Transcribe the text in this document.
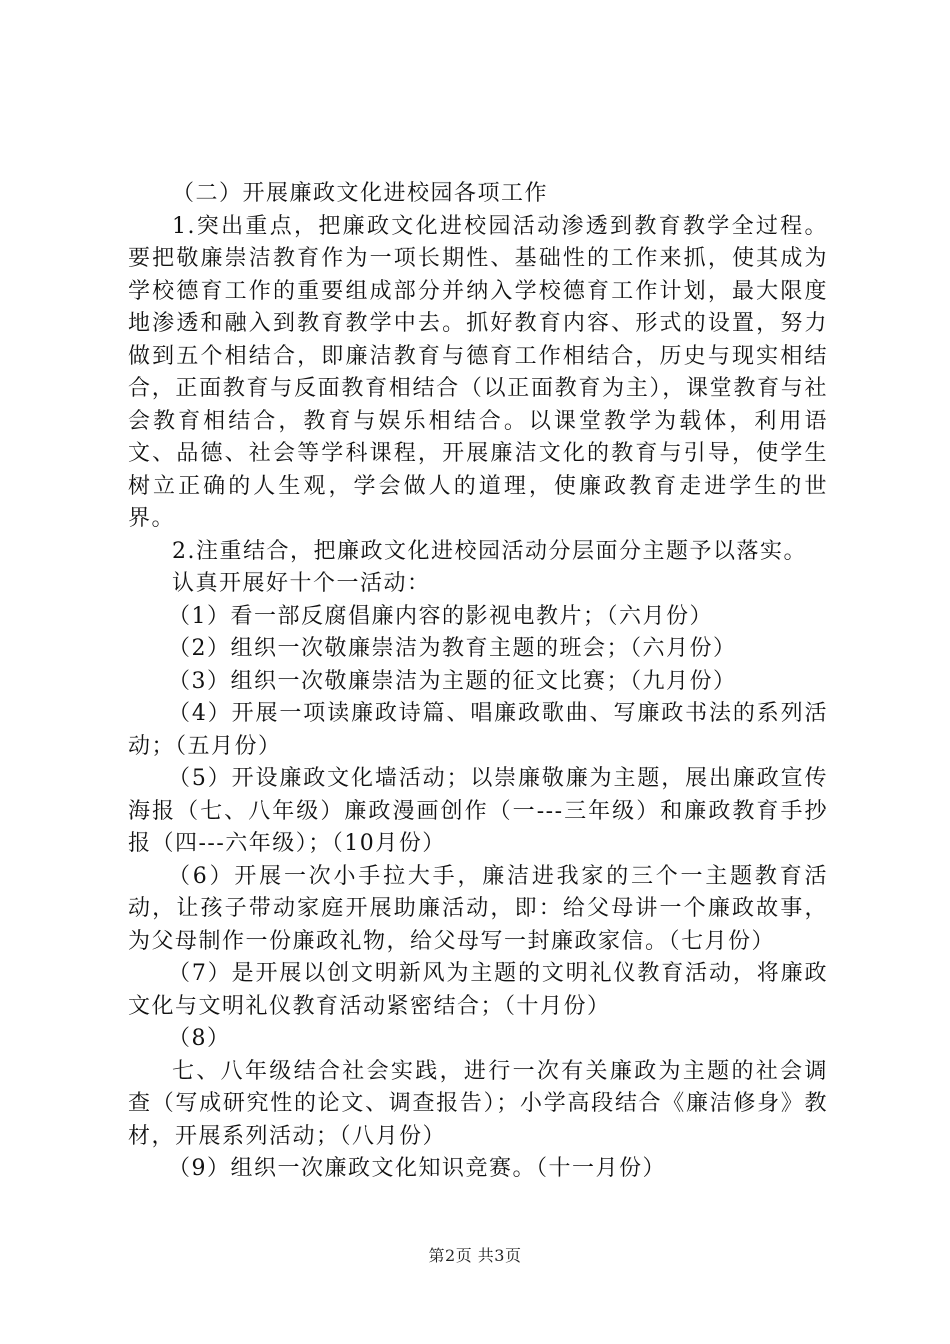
（二）开展廉政文化进校园各项工作

1.突出重点，把廉政文化进校园活动渗透到教育教学全过程。要把敬廉崇洁教育作为一项长期性、基础性的工作来抓，使其成为学校德育工作的重要组成部分并纳入学校德育工作计划，最大限度地渗透和融入到教育教学中去。抓好教育内容、形式的设置，努力做到五个相结合，即廉洁教育与德育工作相结合，历史与现实相结合，正面教育与反面教育相结合（以正面教育为主），课堂教育与社会教育相结合，教育与娱乐相结合。以课堂教学为载体，利用语文、品德、社会等学科课程，开展廉洁文化的教育与引导，使学生树立正确的人生观，学会做人的道理，使廉政教育走进学生的世界。

2.注重结合，把廉政文化进校园活动分层面分主题予以落实。

认真开展好十个一活动：

（1）看一部反腐倡廉内容的影视电教片；（六月份）

（2）组织一次敬廉崇洁为教育主题的班会；（六月份）

（3）组织一次敬廉崇洁为主题的征文比赛；（九月份）

（4）开展一项读廉政诗篇、唱廉政歌曲、写廉政书法的系列活动；（五月份）

（5）开设廉政文化墙活动；以崇廉敬廉为主题，展出廉政宣传海报（七、八年级）廉政漫画创作（一---三年级）和廉政教育手抄报（四---六年级）；（10月份）

（6）开展一次小手拉大手，廉洁进我家的三个一主题教育活动，让孩子带动家庭开展助廉活动，即：给父母讲一个廉政故事，为父母制作一份廉政礼物，给父母写一封廉政家信。（七月份）

（7）是开展以创文明新风为主题的文明礼仪教育活动，将廉政文化与文明礼仪教育活动紧密结合；（十月份）

（8）

七、八年级结合社会实践，进行一次有关廉政为主题的社会调查（写成研究性的论文、调查报告）；小学高段结合《廉洁修身》教材，开展系列活动；（八月份）

（9）组织一次廉政文化知识竞赛。（十一月份）

第2页 共3页
